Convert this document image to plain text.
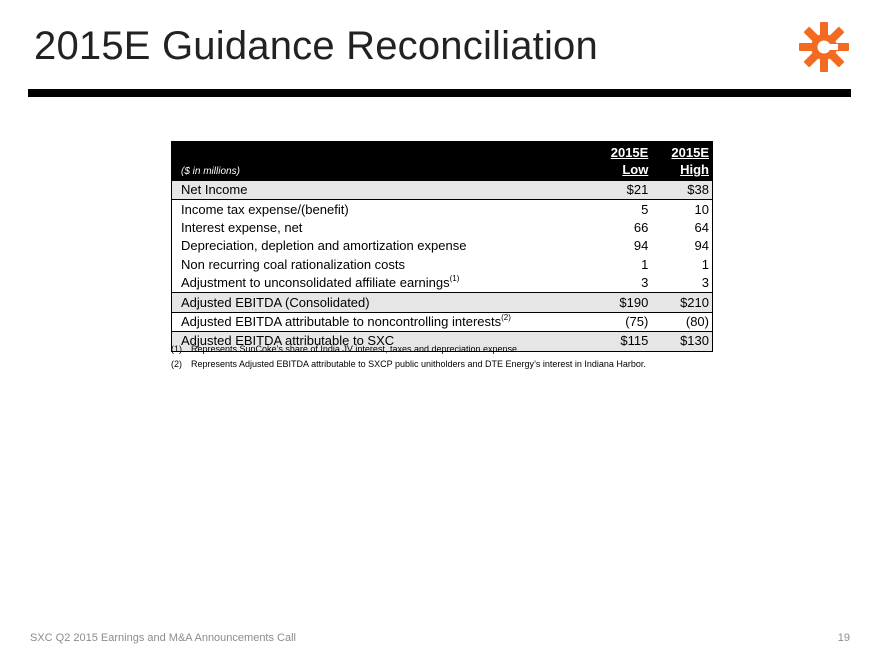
2015E Guidance Reconciliation
	2015E	2015E
($ in millions)	Low	High
Net Income	$21	$38
Income tax expense/(benefit)	5	10
Interest expense, net	66	64
Depreciation, depletion and amortization expense	94	94
Non recurring coal rationalization costs	1	1
Adjustment to unconsolidated affiliate earnings$^{(1)}$	3	3
Adjusted EBITDA (Consolidated)	$190	$210
Adjusted EBITDA attributable to noncontrolling interests$^{(2)}$	(75)	(80)
Adjusted EBITDA attributable to SXC	$115	$130
(1)	Represents SunCoke’s share of India JV interest, taxes and depreciation expense.
(2)	Represents Adjusted EBITDA attributable to SXCP public unitholders and DTE Energy’s interest in Indiana Harbor.
SXC Q2 2015 Earnings and M&A Announcements Call	19
